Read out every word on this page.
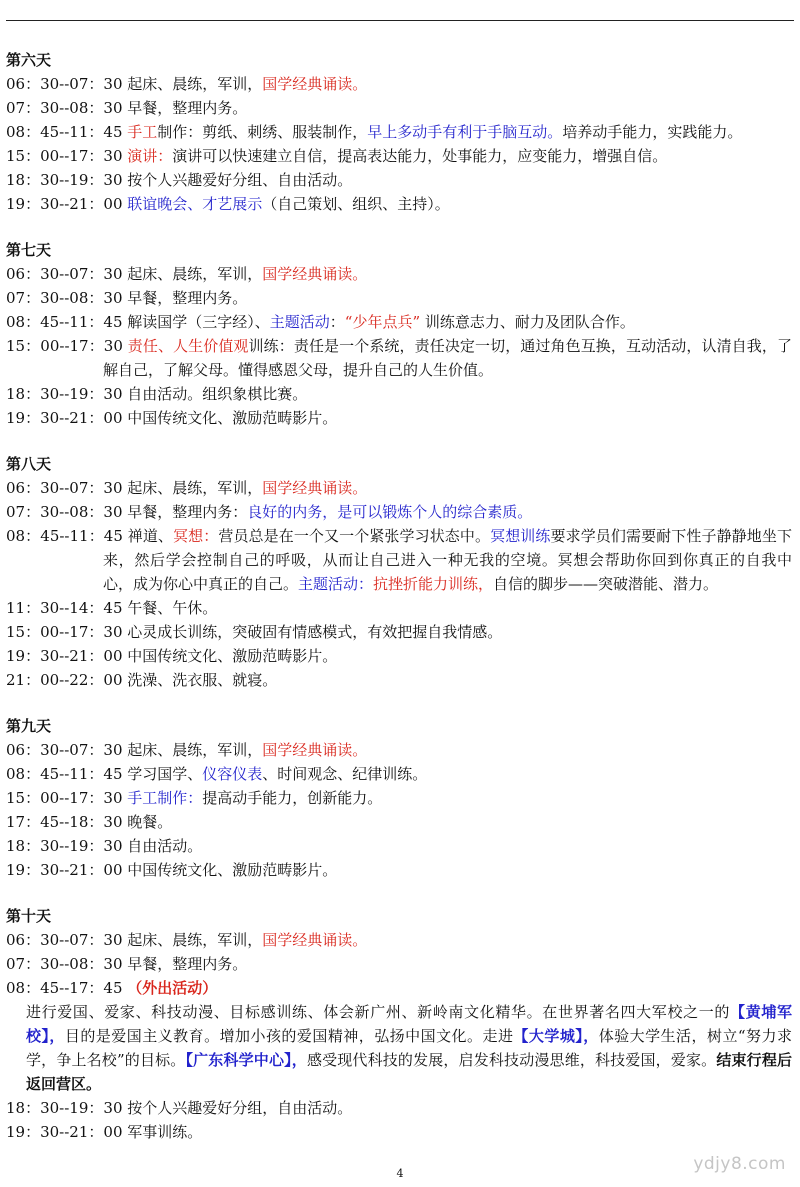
第六天

06：30--07：30 起床、晨练，军训，国学经典诵读。

07：30--08：30 早餐，整理内务。

08：45--11：45 手工制作：剪纸、刺绣、服装制作，早上多动手有利于手脑互动。培养动手能力，实践能力。

15：00--17：30 演讲：演讲可以快速建立自信，提高表达能力，处事能力，应变能力，增强自信。

18：30--19：30 按个人兴趣爱好分组、自由活动。

19：30--21：00 联谊晚会、才艺展示（自己策划、组织、主持）。

第七天

06：30--07：30 起床、晨练，军训，国学经典诵读。

07：30--08：30 早餐，整理内务。

08：45--11：45 解读国学（三字经）、主题活动：“少年点兵” 训练意志力、耐力及团队合作。

15：00--17：30 责任、人生价值观训练：责任是一个系统，责任决定一切，通过角色互换，互动活动，认清自我，了解自己，了解父母。懂得感恩父母，提升自己的人生价值。

18：30--19：30 自由活动。组织象棋比赛。

19：30--21：00 中国传统文化、激励范畴影片。

第八天

06：30--07：30 起床、晨练，军训，国学经典诵读。

07：30--08：30 早餐，整理内务：良好的内务，是可以锻炼个人的综合素质。

08：45--11：45 禅道、冥想：营员总是在一个又一个紧张学习状态中。冥想训练要求学员们需要耐下性子静静地坐下来，然后学会控制自己的呼吸，从而让自己进入一种无我的空境。冥想会帮助你回到你真正的自我中心，成为你心中真正的自己。主题活动：抗挫折能力训练，自信的脚步——突破潜能、潜力。

11：30--14：45 午餐、午休。

15：00--17：30 心灵成长训练，突破固有情感模式，有效把握自我情感。

19：30--21：00 中国传统文化、激励范畴影片。

21：00--22：00 洗澡、洗衣服、就寝。

第九天

06：30--07：30 起床、晨练，军训，国学经典诵读。

08：45--11：45 学习国学、仪容仪表、时间观念、纪律训练。

15：00--17：30 手工制作：提高动手能力，创新能力。

17：45--18：30 晚餐。

18：30--19：30 自由活动。

19：30--21：00 中国传统文化、激励范畴影片。

第十天

06：30--07：30 起床、晨练，军训，国学经典诵读。

07：30--08：30 早餐，整理内务。

08：45--17：45 （外出活动）

进行爱国、爱家、科技动漫、目标感训练、体会新广州、新岭南文化精华。在世界著名四大军校之一的【黄埔军校】，目的是爱国主义教育。增加小孩的爱国精神，弘扬中国文化。走进【大学城】，体验大学生活，树立“努力求学，争上名校”的目标。【广东科学中心】，感受现代科技的发展，启发科技动漫思维，科技爱国，爱家。结束行程后返回营区。

18：30--19：30 按个人兴趣爱好分组，自由活动。

19：30--21：00 军事训练。

4	ydjy8.com
